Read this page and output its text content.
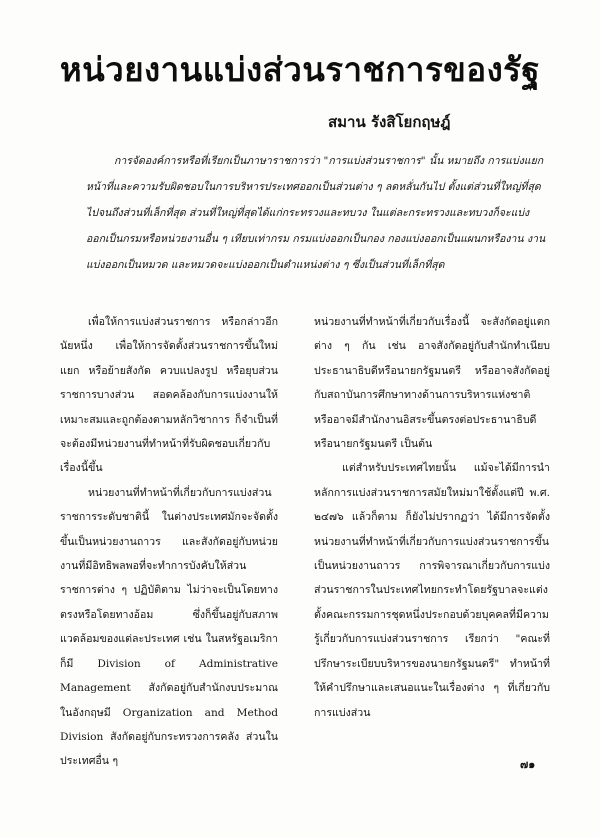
หน่วยงานแบ่งส่วนราชการของรัฐ
สมาน รังสิโยกฤษฎ์

การจัดองค์การหรือที่เรียกเป็นภาษาราชการว่า "การแบ่งส่วนราชการ" นั้น หมายถึง การแบ่งแยกหน้าที่และความรับผิดชอบในการบริหารประเทศออกเป็นส่วนต่าง ๆ ลดหลั่นกันไป ตั้งแต่ส่วนที่ใหญ่ที่สุดไปจนถึงส่วนที่เล็กที่สุด ส่วนที่ใหญ่ที่สุดได้แก่กระทรวงและทบวง ในแต่ละกระทรวงและทบวงก็จะแบ่งออกเป็นกรมหรือหน่วยงานอื่น ๆ เทียบเท่ากรม กรมแบ่งออกเป็นกอง กองแบ่งออกเป็นแผนกหรืองาน งานแบ่งออกเป็นหมวด และหมวดจะแบ่งออกเป็นตำแหน่งต่าง ๆ ซึ่งเป็นส่วนที่เล็กที่สุด

เพื่อให้การแบ่งส่วนราชการ หรือกล่าวอีกนัยหนึ่ง เพื่อให้การจัดตั้งส่วนราชการขึ้นใหม่ แยก หรือย้ายสังกัด ควบแปลงรูป หรือยุบส่วนราชการบางส่วน สอดคล้องกับการแบ่งงานให้เหมาะสมและถูกต้องตามหลักวิชาการ ก็จำเป็นที่จะต้องมีหน่วยงานที่ทำหน้าที่รับผิดชอบเกี่ยวกับเรื่องนี้ขึ้น

หน่วยงานที่ทำหน้าที่เกี่ยวกับการแบ่งส่วนราชการระดับชาตินี้ ในต่างประเทศมักจะจัดตั้งขึ้นเป็นหน่วยงานถาวร และสังกัดอยู่กับหน่วยงานที่มีอิทธิพลพอที่จะทำการบังคับให้ส่วนราชการต่าง ๆ ปฏิบัติตาม ไม่ว่าจะเป็นโดยทางตรงหรือโดยทางอ้อม ซึ่งก็ขึ้นอยู่กับสภาพแวดล้อมของแต่ละประเทศ เช่น ในสหรัฐอเมริกา ก็มี Division of Administrative Management สังกัดอยู่กับสำนักงบประมาณ ในอังกฤษมี Organization and Method Division สังกัดอยู่กับกระทรวงการคลัง ส่วนในประเทศอื่น ๆ

หน่วยงานที่ทำหน้าที่เกี่ยวกับเรื่องนี้ จะสังกัดอยู่แตกต่าง ๆ กัน เช่น อาจสังกัดอยู่กับสำนักทำเนียบประธานาธิบดีหรือนายกรัฐมนตรี หรืออาจสังกัดอยู่กับสถาบันการศึกษาทางด้านการบริหารแห่งชาติ หรืออาจมีสำนักงานอิสระขึ้นตรงต่อประธานาธิบดี หรือนายกรัฐมนตรี เป็นต้น

แต่สำหรับประเทศไทยนั้น แม้จะได้มีการนำหลักการแบ่งส่วนราชการสมัยใหม่มาใช้ตั้งแต่ปี พ.ศ. ๒๔๗๖ แล้วก็ตาม ก็ยังไม่ปรากฏว่า ได้มีการจัดตั้งหน่วยงานที่ทำหน้าที่เกี่ยวกับการแบ่งส่วนราชการขึ้นเป็นหน่วยงานถาวร การพิจารณาเกี่ยวกับการแบ่งส่วนราชการในประเทศไทยกระทำโดยรัฐบาลจะแต่งตั้งคณะกรรมการชุดหนึ่งประกอบด้วยบุคคลที่มีความรู้เกี่ยวกับการแบ่งส่วนราชการ เรียกว่า "คณะที่ปรึกษาระเบียบบริหารของนายกรัฐมนตรี" ทำหน้าที่ให้คำปรึกษาและเสนอแนะในเรื่องต่าง ๆ ที่เกี่ยวกับการแบ่งส่วน

๗๑
